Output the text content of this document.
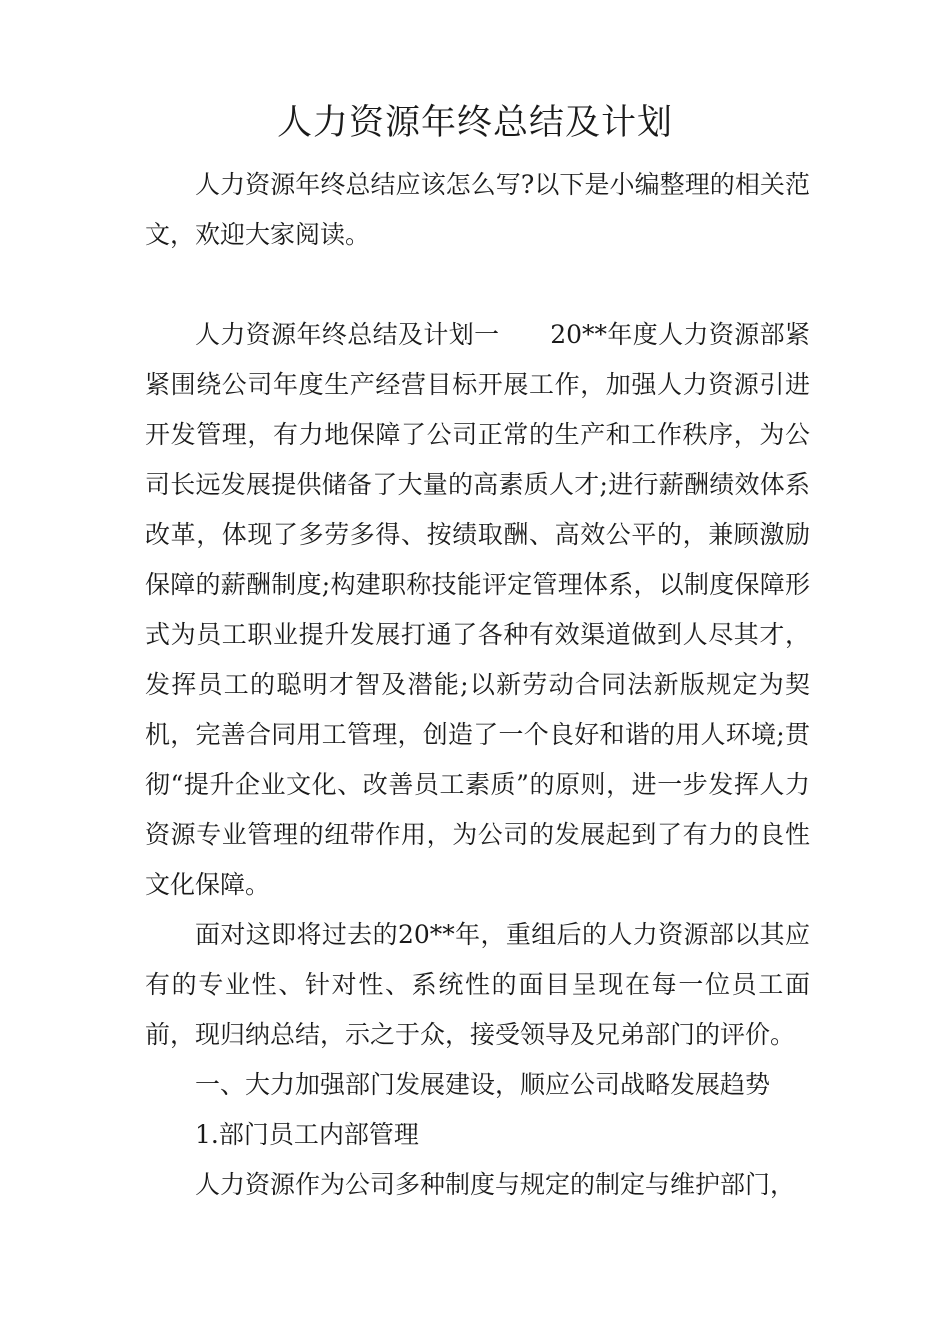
人力资源年终总结及计划

人力资源年终总结应该怎么写?以下是小编整理的相关范文，欢迎大家阅读。

人力资源年终总结及计划一　　20**年度人力资源部紧紧围绕公司年度生产经营目标开展工作，加强人力资源引进开发管理，有力地保障了公司正常的生产和工作秩序，为公司长远发展提供储备了大量的高素质人才;进行薪酬绩效体系改革，体现了多劳多得、按绩取酬、高效公平的，兼顾激励保障的薪酬制度;构建职称技能评定管理体系，以制度保障形式为员工职业提升发展打通了各种有效渠道做到人尽其才，发挥员工的聪明才智及潜能;以新劳动合同法新版规定为契机，完善合同用工管理，创造了一个良好和谐的用人环境;贯彻“提升企业文化、改善员工素质”的原则，进一步发挥人力资源专业管理的纽带作用，为公司的发展起到了有力的良性文化保障。

面对这即将过去的20**年，重组后的人力资源部以其应有的专业性、针对性、系统性的面目呈现在每一位员工面前，现归纳总结，示之于众，接受领导及兄弟部门的评价。

一、大力加强部门发展建设，顺应公司战略发展趋势

1.部门员工内部管理

人力资源作为公司多种制度与规定的制定与维护部门，
